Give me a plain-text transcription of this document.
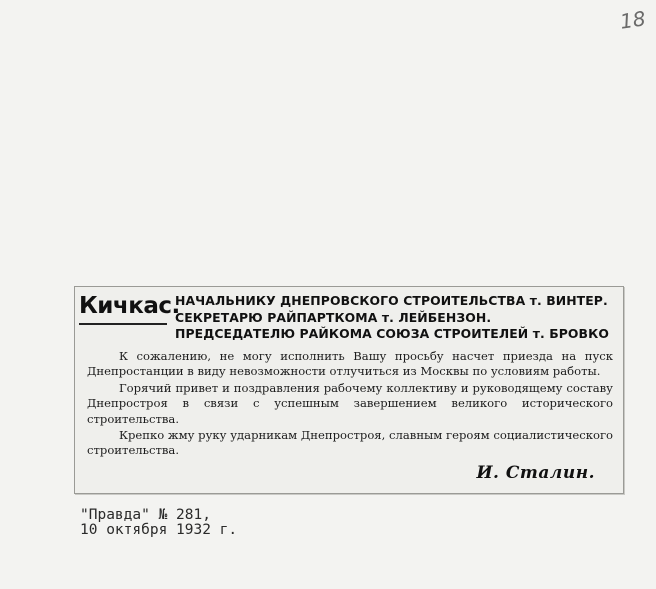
18
Кичкас.
НАЧАЛЬНИКУ ДНЕПРОВСКОГО СТРОИТЕЛЬСТВА т. ВИНТЕР.
СЕКРЕТАРЮ РАЙПАРТКОМА т. ЛЕЙБЕНЗОН.
ПРЕДСЕДАТЕЛЮ РАЙКОМА СОЮЗА СТРОИТЕЛЕЙ т. БРОВКО

К сожалению, не могу исполнить Вашу просьбу насчет приезда на пуск Днепростанции в виду невозможности отлучиться из Москвы по условиям работы.

Горячий привет и поздравления рабочему коллективу и руководящему составу Днепростроя в связи с успешным завершением великого исторического строительства.

Крепко жму руку ударникам Днепростроя, славным героям социалистического строительства.

И. Сталин.
"Правда" № 281,
10 октября 1932 г.
